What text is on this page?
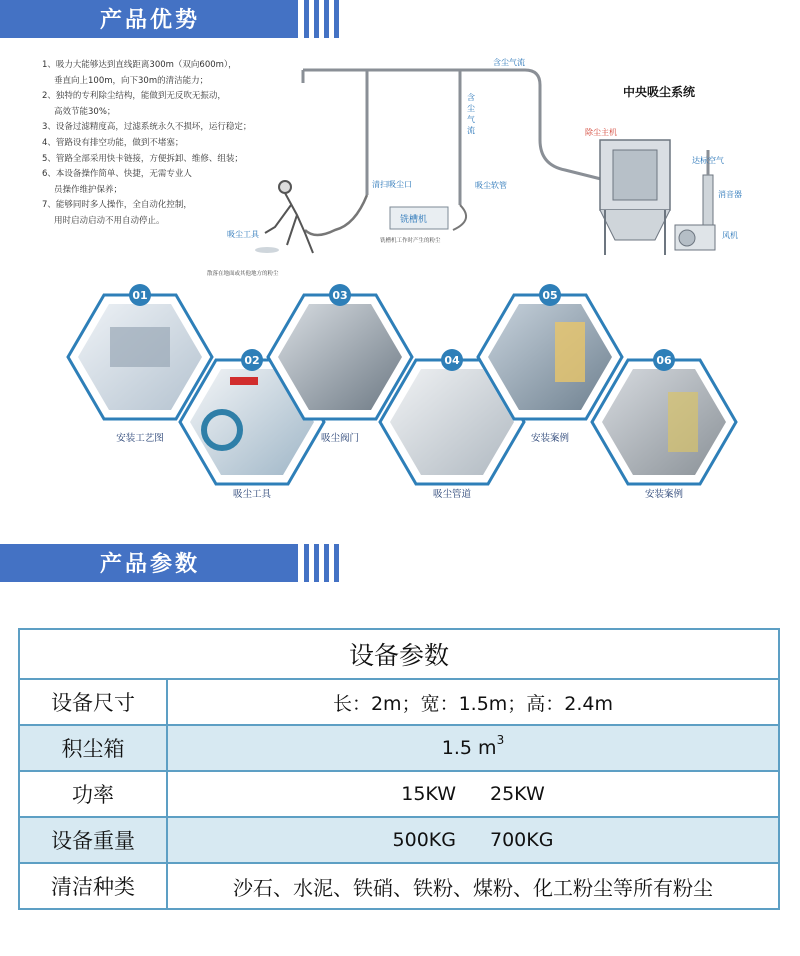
产品优势
1、吸力大能够达到直线距离300m（双向600m），
垂直向上100m，向下30m的清洁能力；
2、独特的专利除尘结构，能做到无反吹无振动，
高效节能30%；
3、设备过滤精度高，过滤系统永久不损坏，运行稳定；
4、管路设有排空功能，做到不堵塞；
5、管路全部采用快卡链接，方便拆卸、维修、组装；
6、本设备操作简单、快捷，无需专业人
员操作维护保养；
7、能够同时多人操作，全自动化控制，
用时启动启动不用自动停止。
含尘气流
含尘气流
清扫吸尘口	吸尘软管
铣槽机
铣槽机工作时产生的粉尘
除尘主机
达标空气
消音器
风机
吸尘工具
散落在地面或其他地方的粉尘
中央吸尘系统
安装工艺图
01
吸尘工具
02
吸尘阀门
03
吸尘管道
04
安装案例
05
安装案例
06
产品参数
设备参数	
设备尺寸	长：2m；宽：1.5m；高：2.4m
积尘箱	1.5 $m^3$
功率	15KW 25KW
设备重量	500KG 700KG
清洁种类	沙石、水泥、铁硝、铁粉、煤粉、化工粉尘等所有粉尘
